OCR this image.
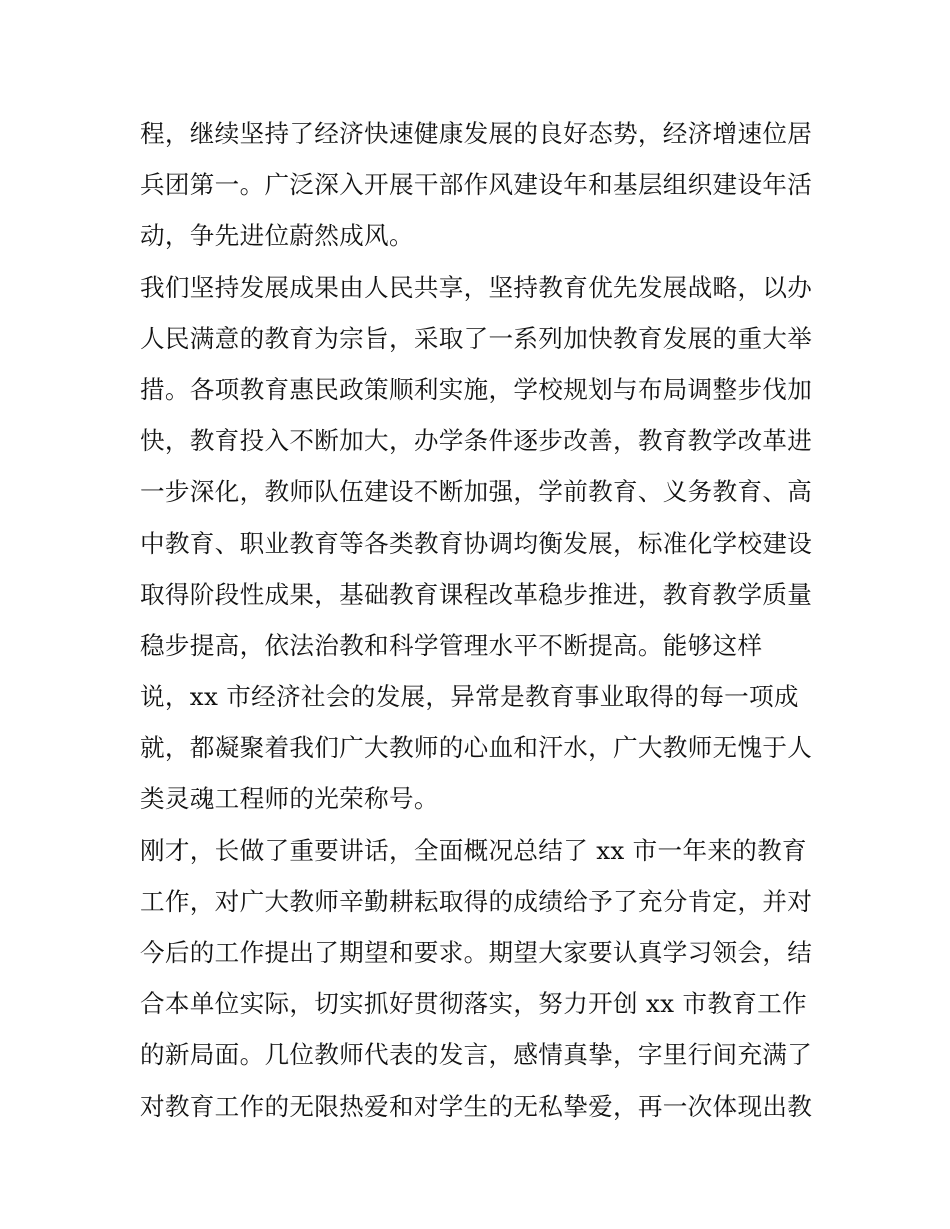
程，继续坚持了经济快速健康发展的良好态势，经济增速位居
兵团第一。广泛深入开展干部作风建设年和基层组织建设年活
动，争先进位蔚然成风。
我们坚持发展成果由人民共享，坚持教育优先发展战略，以办
人民满意的教育为宗旨，采取了一系列加快教育发展的重大举
措。各项教育惠民政策顺利实施，学校规划与布局调整步伐加
快，教育投入不断加大，办学条件逐步改善，教育教学改革进
一步深化，教师队伍建设不断加强，学前教育、义务教育、高
中教育、职业教育等各类教育协调均衡发展，标准化学校建设
取得阶段性成果，基础教育课程改革稳步推进，教育教学质量
稳步提高，依法治教和科学管理水平不断提高。能够这样
说，xx 市经济社会的发展，异常是教育事业取得的每一项成
就，都凝聚着我们广大教师的心血和汗水，广大教师无愧于人
类灵魂工程师的光荣称号。
刚才，长做了重要讲话，全面概况总结了 xx 市一年来的教育
工作，对广大教师辛勤耕耘取得的成绩给予了充分肯定，并对
今后的工作提出了期望和要求。期望大家要认真学习领会，结
合本单位实际，切实抓好贯彻落实，努力开创 xx 市教育工作
的新局面。几位教师代表的发言，感情真挚，字里行间充满了
对教育工作的无限热爱和对学生的无私挚爱，再一次体现出教
